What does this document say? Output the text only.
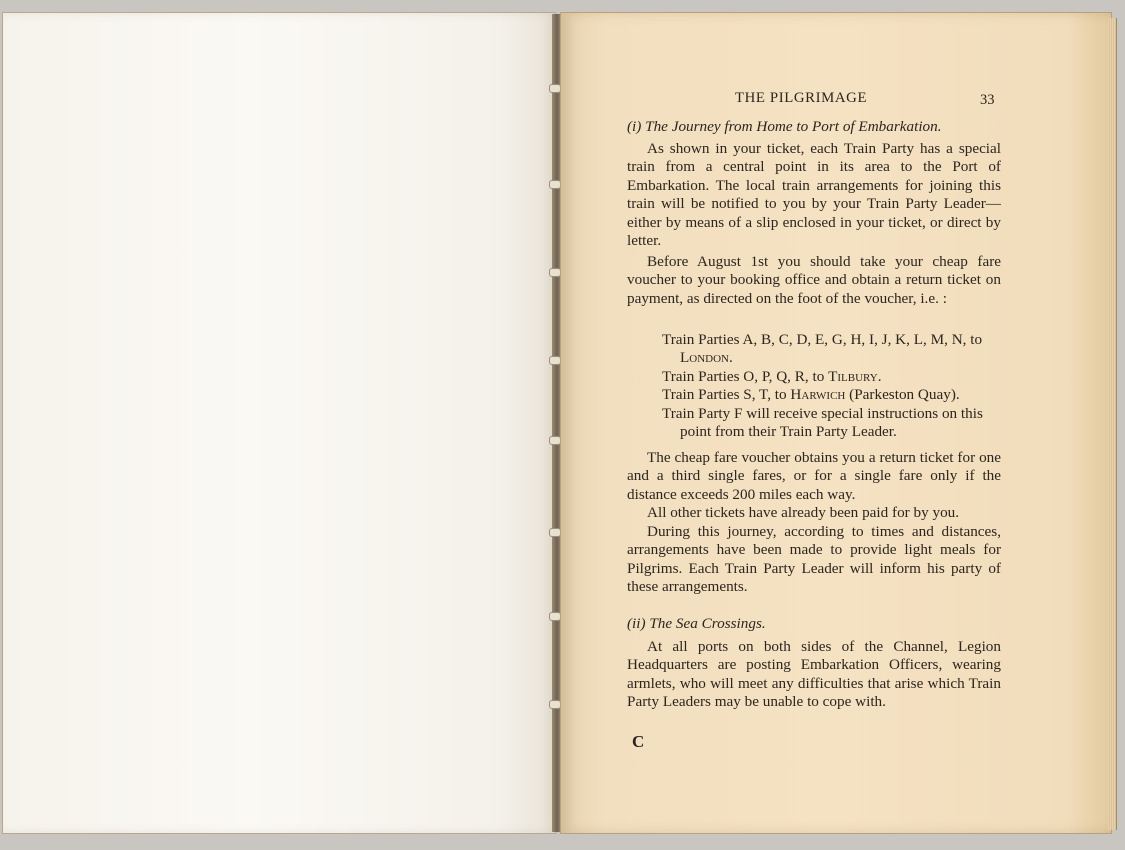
THE PILGRIMAGE	33
(i) The Journey from Home to Port of Embarkation.

As shown in your ticket, each Train Party has a special train from a central point in its area to the Port of Embarkation. The local train arrangements for joining this train will be notified to you by your Train Party Leader—either by means of a slip enclosed in your ticket, or direct by letter.

Before August 1st you should take your cheap fare voucher to your booking office and obtain a return ticket on payment, as directed on the foot of the voucher, i.e. :

Train Parties A, B, C, D, E, G, H, I, J, K, L, M, N, to London.

Train Parties O, P, Q, R, to Tilbury.

Train Parties S, T, to Harwich (Parkeston Quay).

Train Party F will receive special instructions on this point from their Train Party Leader.

The cheap fare voucher obtains you a return ticket for one and a third single fares, or for a single fare only if the distance exceeds 200 miles each way.

All other tickets have already been paid for by you.

During this journey, according to times and distances, arrangements have been made to provide light meals for Pilgrims. Each Train Party Leader will inform his party of these arrangements.

(ii) The Sea Crossings.

At all ports on both sides of the Channel, Legion Headquarters are posting Embarkation Officers, wearing armlets, who will meet any difficulties that arise which Train Party Leaders may be unable to cope with.

C
